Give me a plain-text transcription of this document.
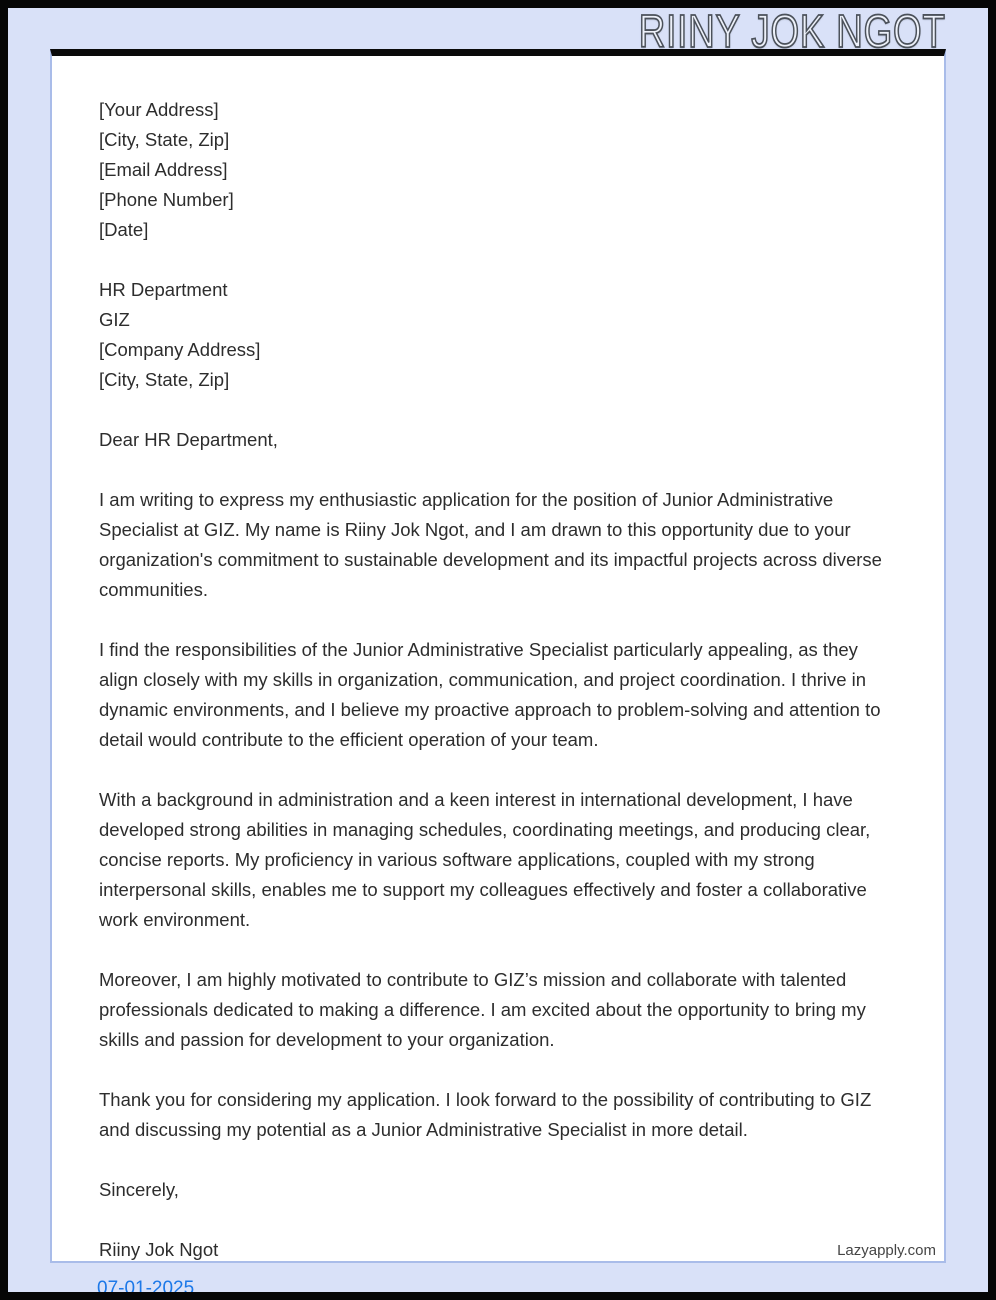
RIINY JOK NGOT

[Your Address]

[City, State, Zip]

[Email Address]

[Phone Number]

[Date]

HR Department

GIZ

[Company Address]

[City, State, Zip]

Dear HR Department,

I am writing to express my enthusiastic application for the position of Junior Administrative Specialist at GIZ. My name is Riiny Jok Ngot, and I am drawn to this opportunity due to your organization's commitment to sustainable development and its impactful projects across diverse communities.

I find the responsibilities of the Junior Administrative Specialist particularly appealing, as they align closely with my skills in organization, communication, and project coordination. I thrive in dynamic environments, and I believe my proactive approach to problem-solving and attention to detail would contribute to the efficient operation of your team.

With a background in administration and a keen interest in international development, I have developed strong abilities in managing schedules, coordinating meetings, and producing clear, concise reports. My proficiency in various software applications, coupled with my strong interpersonal skills, enables me to support my colleagues effectively and foster a collaborative work environment.

Moreover, I am highly motivated to contribute to GIZ’s mission and collaborate with talented professionals dedicated to making a difference. I am excited about the opportunity to bring my skills and passion for development to your organization.

Thank you for considering my application. I look forward to the possibility of contributing to GIZ and discussing my potential as a Junior Administrative Specialist in more detail.

Sincerely,

Riiny Jok Ngot	Lazyapply.com
07-01-2025
